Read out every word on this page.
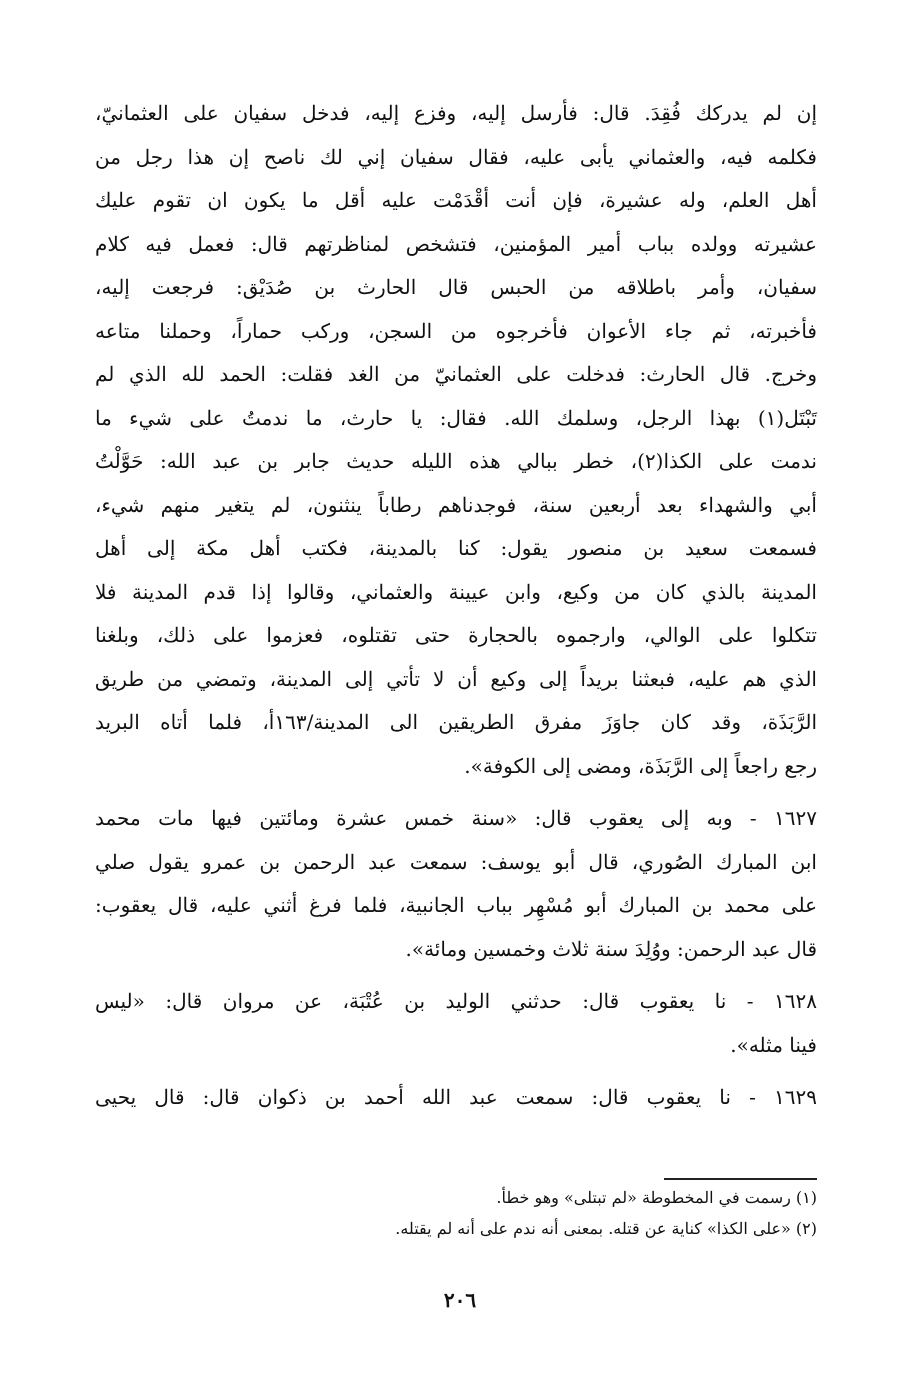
إن لم يدركك فُقِدَ. قال: فأرسل إليه، وفزع إليه، فدخل سفيان على العثمانيّ،
فكلمه فيه، والعثماني يأبى عليه، فقال سفيان إني لك ناصح إن هذا رجل من
أهل العلم، وله عشيرة، فإن أنت أقْدَمْت عليه أقل ما يكون ان تقوم عليك
عشيرته وولده بباب أمير المؤمنين، فتشخص لمناظرتهم قال: فعمل فيه كلام
سفيان، وأمر باطلاقه من الحبس قال الحارث بن صُدَيْق: فرجعت إليه،
فأخبرته، ثم جاء الأعوان فأخرجوه من السجن، وركب حماراً، وحملنا متاعه
وخرج. قال الحارث: فدخلت على العثمانيّ من الغد فقلت: الحمد لله الذي لم
تَبْتَل(١) بهذا الرجل، وسلمك الله. فقال: يا حارث، ما ندمتُ على شيء ما
ندمت على الكذا(٢)، خطر ببالي هذه الليله حديث جابر بن عبد الله: حَوَّلْتُ
أبي والشهداء بعد أربعين سنة، فوجدناهم رطاباً ينثنون، لم يتغير منهم شيء،
فسمعت سعيد بن منصور يقول: كنا بالمدينة، فكتب أهل مكة إلى أهل
المدينة بالذي كان من وكيع، وابن عيينة والعثماني، وقالوا إذا قدم المدينة فلا
تتكلوا على الوالي، وارجموه بالحجارة حتى تقتلوه، فعزموا على ذلك، وبلغنا
الذي هم عليه، فبعثنا بريداً إلى وكيع أن لا تأتي إلى المدينة، وتمضي من طريق
الرَّبَذَة، وقد كان جاوَزَ مفرق الطريقين الى المدينة/١٦٣أ، فلما أتاه البريد
رجع راجعاً إلى الرَّبَذَة، ومضى إلى الكوفة».
١٦٢٧ - وبه إلى يعقوب قال: «سنة خمس عشرة ومائتين فيها مات محمد
ابن المبارك الصُوري، قال أبو يوسف: سمعت عبد الرحمن بن عمرو يقول صلي
على محمد بن المبارك أبو مُسْهِر بباب الجانبية، فلما فرغ أثني عليه، قال يعقوب:
قال عبد الرحمن: ووُلِدَ سنة ثلاث وخمسين ومائة».
١٦٢٨ - نا يعقوب قال: حدثني الوليد بن عُتْبَة، عن مروان قال: «ليس
فينا مثله».
١٦٢٩ - نا يعقوب قال: سمعت عبد الله أحمد بن ذكوان قال: قال يحيى
(١) رسمت في المخطوطة «لم تبتلى» وهو خطأ.
(٢) «على الكذا» كناية عن قتله. بمعنى أنه ندم على أنه لم يقتله.
٢٠٦
